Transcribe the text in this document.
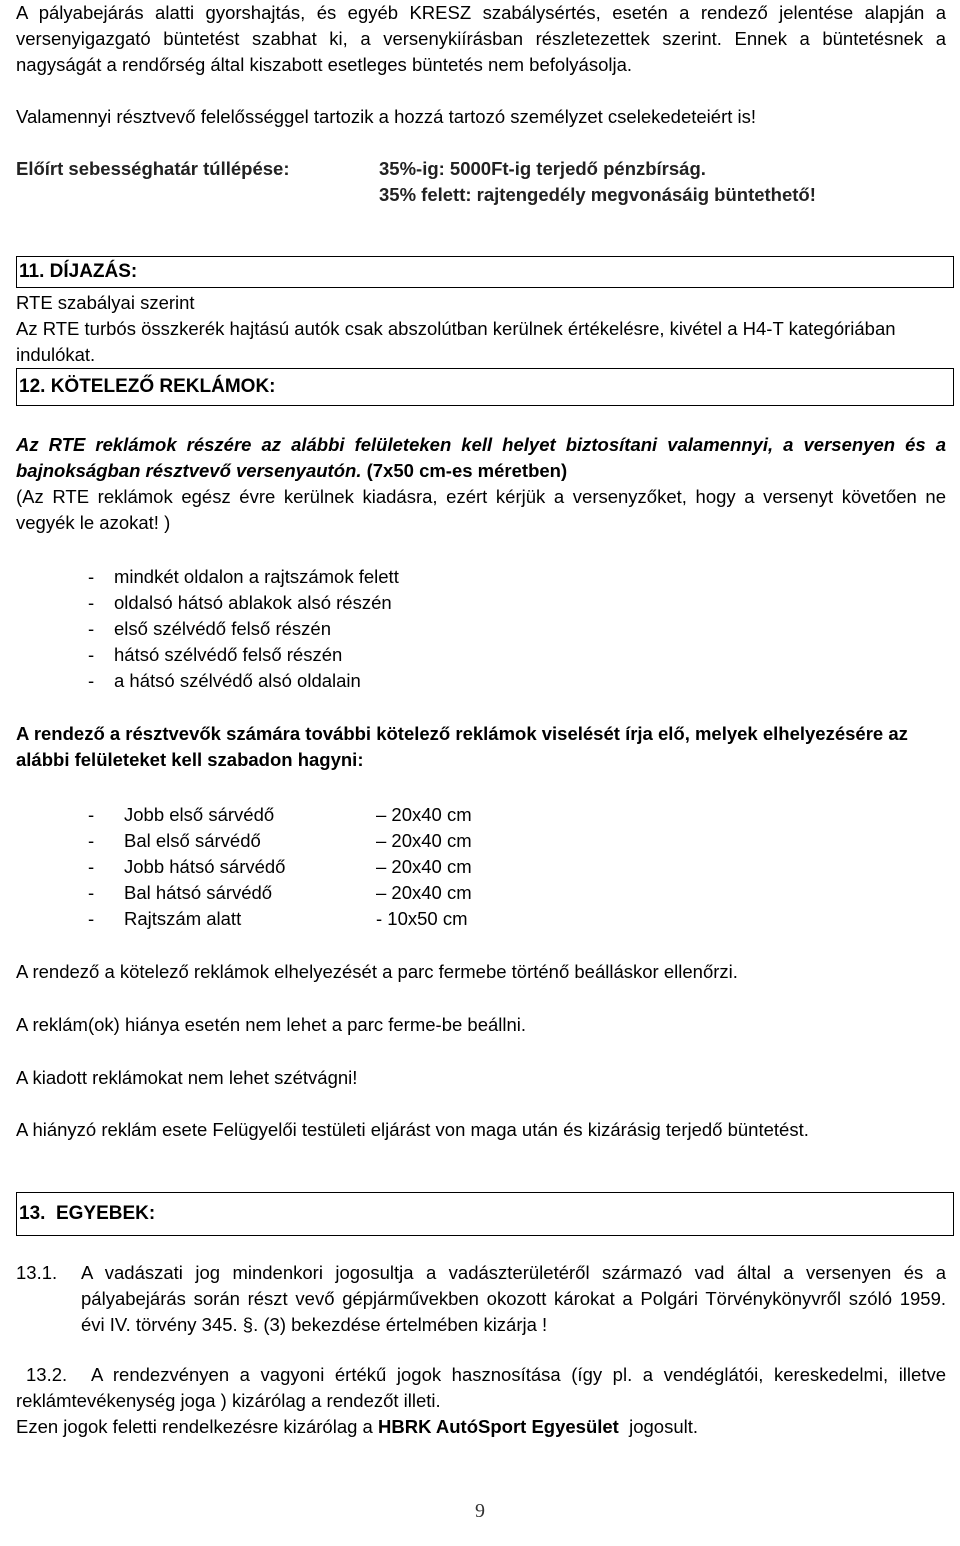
A pályabejárás alatti gyorshajtás, és egyéb KRESZ szabálysértés, esetén a rendező jelentése alapján a versenyigazgató büntetést szabhat ki, a versenykiírásban részletezettek szerint. Ennek a büntetésnek a nagyságát a rendőrség által kiszabott esetleges büntetés nem befolyásolja.

Valamennyi résztvevő felelősséggel tartozik a hozzá tartozó személyzet cselekedeteiért is!

Előírt sebességhatár túllépése:	35%-ig: 5000Ft-ig terjedő pénzbírság.
35% felett: rajtengedély megvonásáig büntethető!
11. DÍJAZÁS:

RTE szabályai szerint

Az RTE turbós összkerék hajtású autók csak abszolútban kerülnek értékelésre, kivétel a H4-T kategóriában indulókat.

12. KÖTELEZŐ REKLÁMOK:

Az RTE reklámok részére az alábbi felületeken kell helyet biztosítani valamennyi, a versenyen és a bajnokságban résztvevő versenyautón. (7x50 cm-es méretben)

(Az RTE reklámok egész évre kerülnek kiadásra, ezért kérjük a versenyzőket, hogy a versenyt követően ne vegyék le azokat! )

- mindkét oldalon a rajtszámok felett
- oldalsó hátsó ablakok alsó részén
- első szélvédő felső részén
- hátsó szélvédő felső részén
- a hátsó szélvédő alsó oldalain

A rendező a résztvevők számára további kötelező reklámok viselését írja elő, melyek elhelyezésére az alábbi felületeket kell szabadon hagyni:

- Jobb első sárvédő	– 20x40 cm
- Bal első sárvédő	– 20x40 cm
- Jobb hátsó sárvédő	– 20x40 cm
- Bal hátsó sárvédő	– 20x40 cm
- Rajtszám alatt	- 10x50 cm

A rendező a kötelező reklámok elhelyezését a parc fermebe történő beálláskor ellenőrzi.

A reklám(ok) hiánya esetén nem lehet a parc ferme-be beállni.

A kiadott reklámokat nem lehet szétvágni!

A hiányzó reklám esete Felügyelői testületi eljárást von maga után és kizárásig terjedő büntetést.

13.  EGYEBEK:
13.1. A vadászati jog mindenkori jogosultja a vadászterületéről származó vad által a versenyen és a pályabejárás során részt vevő gépjárművekben okozott károkat a Polgári Törvénykönyvről szóló 1959. évi IV. törvény 345. §. (3) bekezdése értelmében kizárja !

13.2. A rendezvényen a vagyoni értékű jogok hasznosítása (így pl. a vendéglátói, kereskedelmi, illetve reklámtevékenység joga ) kizárólag a rendezőt illeti.

Ezen jogok feletti rendelkezésre kizárólag a HBRK AutóSport Egyesület  jogosult.

9
